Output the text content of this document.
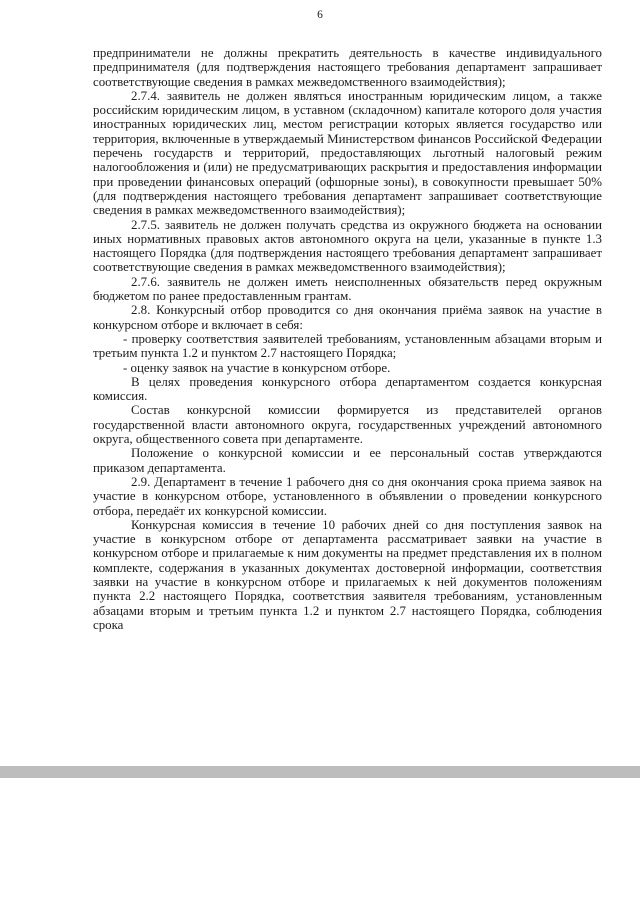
6

предприниматели не должны прекратить деятельность в качестве индивидуального предпринимателя (для подтверждения настоящего требования департамент запрашивает соответствующие сведения в рамках межведомственного взаимодействия);

2.7.4. заявитель не должен являться иностранным юридическим лицом, а также российским юридическим лицом, в уставном (складочном) капитале которого доля участия иностранных юридических лиц, местом регистрации которых является государство или территория, включенные в утверждаемый Министерством финансов Российской Федерации перечень государств и территорий, предоставляющих льготный налоговый режим налогообложения и (или) не предусматривающих раскрытия и предоставления информации при проведении финансовых операций (офшорные зоны), в совокупности превышает 50% (для подтверждения настоящего требования департамент запрашивает соответствующие сведения в рамках межведомственного взаимодействия);

2.7.5. заявитель не должен получать средства из окружного бюджета на основании иных нормативных правовых актов автономного округа на цели, указанные в пункте 1.3 настоящего Порядка (для подтверждения настоящего требования департамент запрашивает соответствующие сведения в рамках межведомственного взаимодействия);

2.7.6. заявитель не должен иметь неисполненных обязательств перед окружным бюджетом по ранее предоставленным грантам.

2.8. Конкурсный отбор проводится со дня окончания приёма заявок на участие в конкурсном отборе и включает в себя:

- проверку соответствия заявителей требованиям, установленным абзацами вторым и третьим пункта 1.2 и пунктом 2.7 настоящего Порядка;

- оценку заявок на участие в конкурсном отборе.

В целях проведения конкурсного отбора департаментом создается конкурсная комиссия.

Состав конкурсной комиссии формируется из представителей органов государственной власти автономного округа, государственных учреждений автономного округа, общественного совета при департаменте.

Положение о конкурсной комиссии и ее персональный состав утверждаются приказом департамента.

2.9. Департамент в течение 1 рабочего дня со дня окончания срока приема заявок на участие в конкурсном отборе, установленного в объявлении о проведении конкурсного отбора, передаёт их конкурсной комиссии.

Конкурсная комиссия в течение 10 рабочих дней со дня поступления заявок на участие в конкурсном отборе от департамента рассматривает заявки на участие в конкурсном отборе и прилагаемые к ним документы на предмет представления их в полном комплекте, содержания в указанных документах достоверной информации, соответствия заявки на участие в конкурсном отборе и прилагаемых к ней документов положениям пункта 2.2 настоящего Порядка, соответствия заявителя требованиям, установленным абзацами вторым и третьим пункта 1.2 и пунктом 2.7 настоящего Порядка, соблюдения срока
